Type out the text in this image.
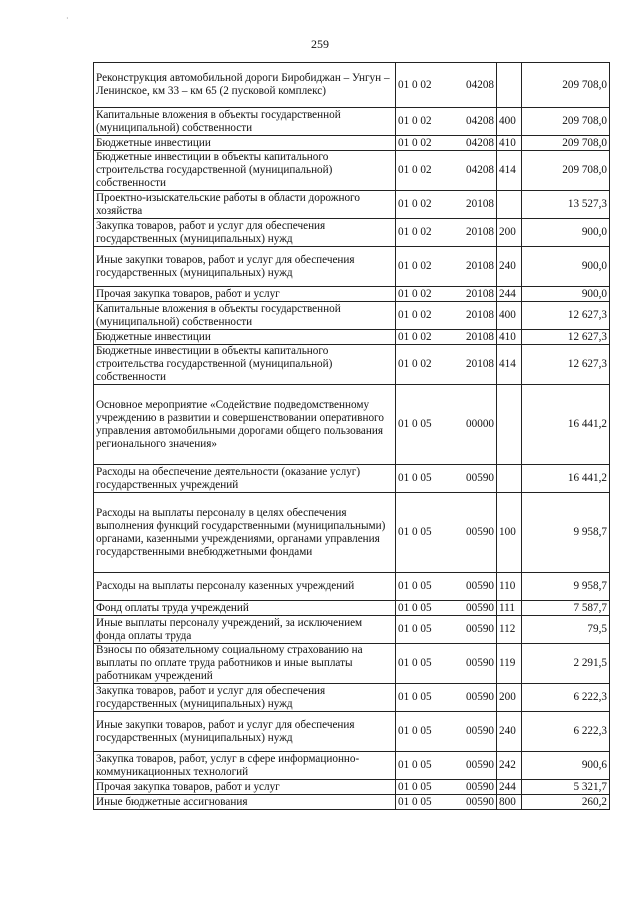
·
259
Реконструкция автомобильной дороги Биробиджан – Унгун – Ленинское, км 33 – км 65 (2 пусковой комплекс)	01 0 02	04208		209 708,0
Капитальные вложения в объекты государственной (муниципальной) собственности	01 0 02	04208	400	209 708,0
Бюджетные инвестиции	01 0 02	04208	410	209 708,0
Бюджетные инвестиции в объекты капитального строительства государственной (муниципальной) собственности	01 0 02	04208	414	209 708,0
Проектно-изыскательские работы в области дорожного хозяйства	01 0 02	20108		13 527,3
Закупка товаров, работ и услуг для обеспечения государственных (муниципальных) нужд	01 0 02	20108	200	900,0
Иные закупки товаров, работ и услуг для обеспечения государственных (муниципальных) нужд	01 0 02	20108	240	900,0
Прочая закупка товаров, работ и услуг	01 0 02	20108	244	900,0
Капитальные вложения в объекты государственной (муниципальной) собственности	01 0 02	20108	400	12 627,3
Бюджетные инвестиции	01 0 02	20108	410	12 627,3
Бюджетные инвестиции в объекты капитального строительства государственной (муниципальной) собственности	01 0 02	20108	414	12 627,3
Основное мероприятие «Содействие подведомственному учреждению в развитии и совершенствовании оперативного управления автомобильными дорогами общего пользования регионального значения»	01 0 05	00000		16 441,2
Расходы на обеспечение деятельности (оказание услуг) государственных учреждений	01 0 05	00590		16 441,2
Расходы на выплаты персоналу в целях обеспечения выполнения функций государственными (муниципальными) органами, казенными учреждениями, органами управления государственными внебюджетными фондами	01 0 05	00590	100	9 958,7
Расходы на выплаты персоналу казенных учреждений	01 0 05	00590	110	9 958,7
Фонд оплаты труда учреждений	01 0 05	00590	111	7 587,7
Иные выплаты персоналу учреждений, за исключением фонда оплаты труда	01 0 05	00590	112	79,5
Взносы по обязательному социальному страхованию на выплаты по оплате труда работников и иные выплаты работникам учреждений	01 0 05	00590	119	2 291,5
Закупка товаров, работ и услуг для обеспечения государственных (муниципальных) нужд	01 0 05	00590	200	6 222,3
Иные закупки товаров, работ и услуг для обеспечения государственных (муниципальных) нужд	01 0 05	00590	240	6 222,3
Закупка товаров, работ, услуг в сфере информационно-коммуникационных технологий	01 0 05	00590	242	900,6
Прочая закупка товаров, работ и услуг	01 0 05	00590	244	5 321,7
Иные бюджетные ассигнования	01 0 05	00590	800	260,2
